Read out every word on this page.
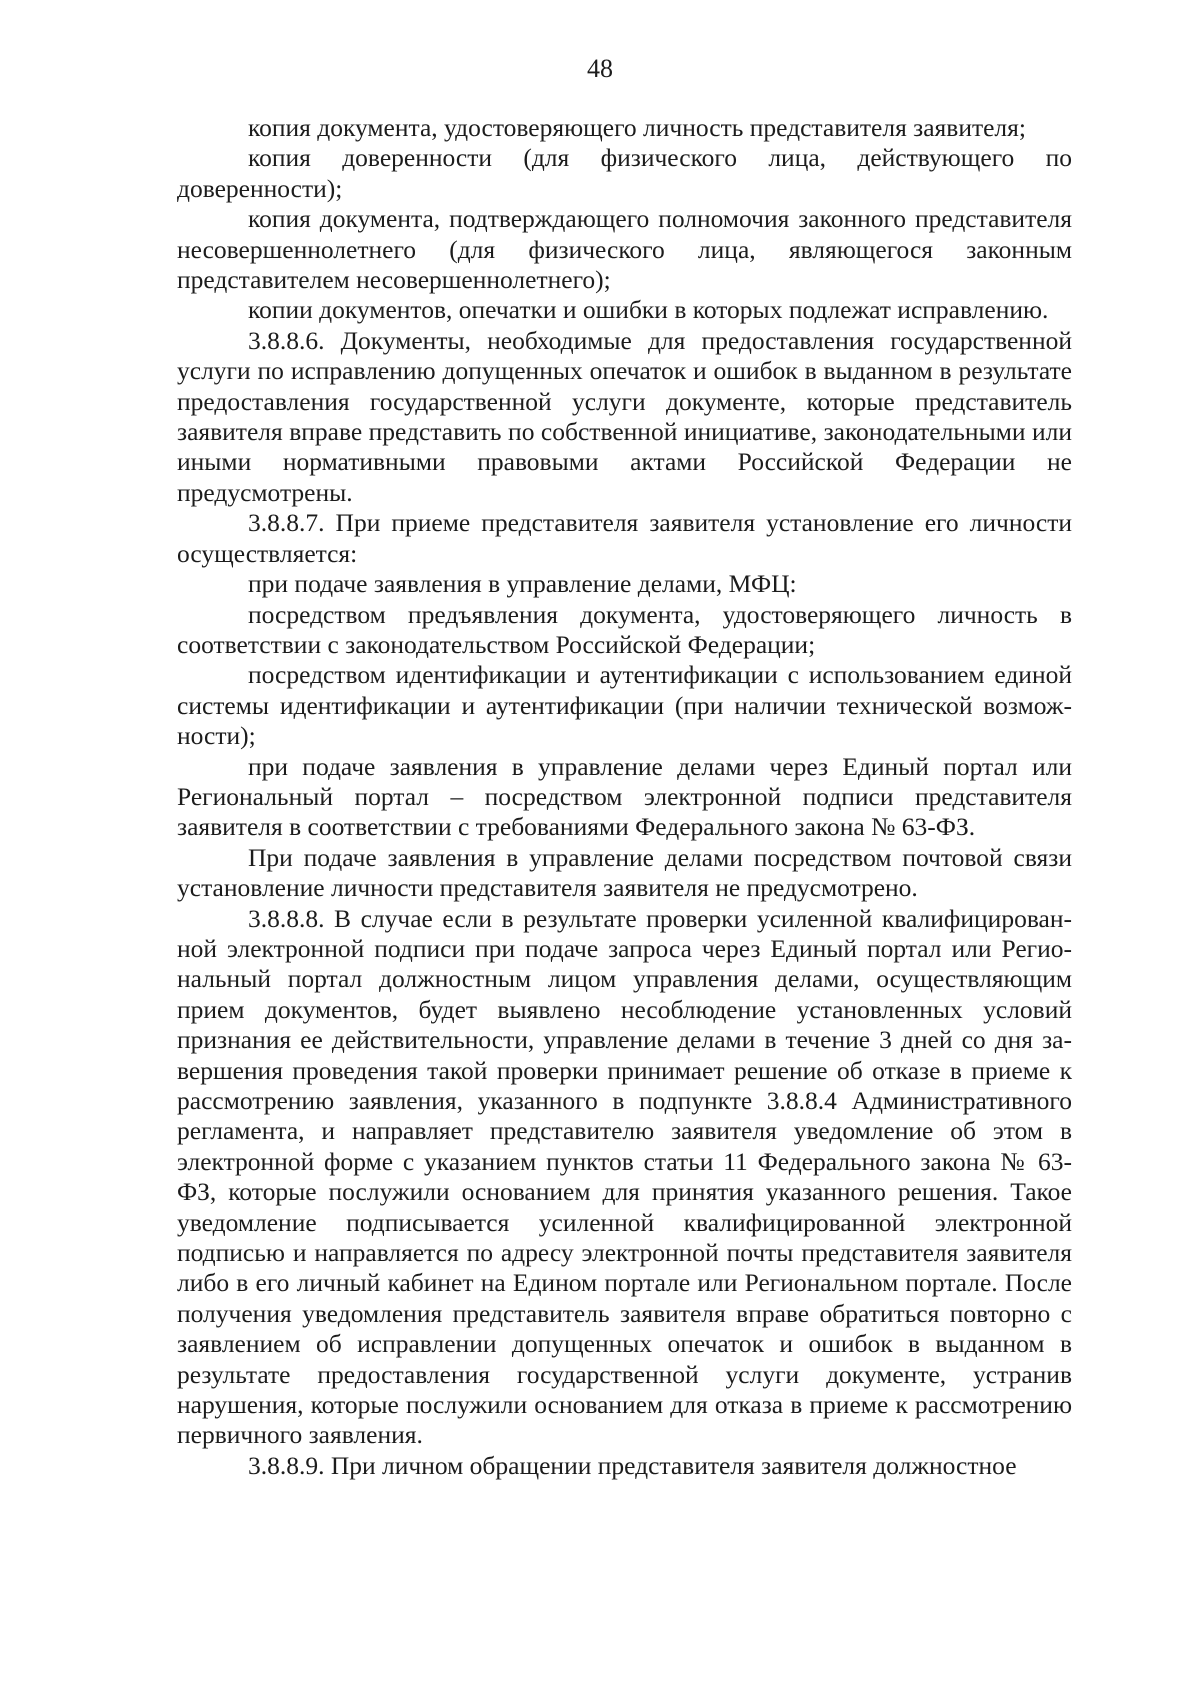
48

копия документа, удостоверяющего личность представителя заявителя;

копия доверенности (для физического лица, действующего по доверенности);

копия документа, подтверждающего полномочия законного представителя несовершеннолетнего (для физического лица, являющегося законным представителем несовершеннолетнего);

копии документов, опечатки и ошибки в которых подлежат исправлению.

3.8.8.6. Документы, необходимые для предоставления государственной услуги по исправлению допущенных опечаток и ошибок в выданном в результате предоставления государственной услуги документе, которые представитель заявителя вправе представить по собственной инициативе, законодательными или иными нормативными правовыми актами Российской Федерации не предусмотрены.

3.8.8.7. При приеме представителя заявителя установление его личности осуществляется:

при подаче заявления в управление делами, МФЦ:

посредством предъявления документа, удостоверяющего личность в соответствии с законодательством Российской Федерации;

посредством идентификации и аутентификации с использованием единой системы идентификации и аутентификации (при наличии технической возможности);

при подаче заявления в управление делами через Единый портал или Региональный портал – посредством электронной подписи представителя заявителя в соответствии с требованиями Федерального закона № 63-ФЗ.

При подаче заявления в управление делами посредством почтовой связи установление личности представителя заявителя не предусмотрено.

3.8.8.8. В случае если в результате проверки усиленной квалифицированной электронной подписи при подаче запроса через Единый портал или Региональный портал должностным лицом управления делами, осуществляющим прием документов, будет выявлено несоблюдение установленных условий признания ее действительности, управление делами в течение 3 дней со дня завершения проведения такой проверки принимает решение об отказе в приеме к рассмотрению заявления, указанного в подпункте 3.8.8.4 Административного регламента, и направляет представителю заявителя уведомление об этом в электронной форме с указанием пунктов статьи 11 Федерального закона № 63-ФЗ, которые послужили основанием для принятия указанного решения. Такое уведомление подписывается усиленной квалифицированной электронной подписью и направляется по адресу электронной почты представителя заявителя либо в его личный кабинет на Едином портале или Региональном портале. После получения уведомления представитель заявителя вправе обратиться повторно с заявлением об исправлении допущенных опечаток и ошибок в выданном в результате предоставления государственной услуги документе, устранив нарушения, которые послужили основанием для отказа в приеме к рассмотрению первичного заявления.

3.8.8.9. При личном обращении представителя заявителя должностное
